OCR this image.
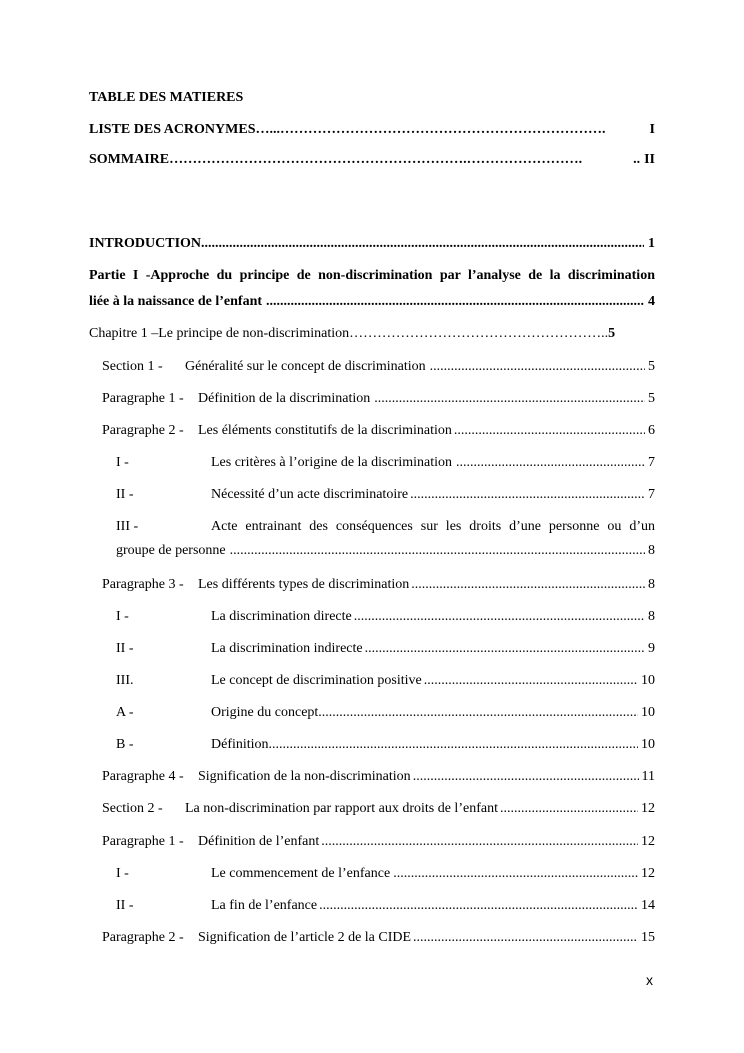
TABLE DES MATIERES
LISTE DES ACRONYMES…... …………………………………………………………….	I
SOMMAIRE……………………………………………………….…………………….	.. II
INTRODUCTION .....	1
Partie I -Approche du principe de non-discrimination par l’analyse de la discrimination
liée à la naissance de l’enfant .....	4
Chapitre 1 –Le principe de non-discrimination……………………………………………….. 5
Section 1 -	Généralité sur le concept de discrimination .....	5
Paragraphe 1 -	Définition de la discrimination .....	5
Paragraphe 2 -	Les éléments constitutifs de la discrimination .....	6
I -	Les critères à l’origine de la discrimination .....	7
II -	Nécessité d’un acte discriminatoire .....	7
III -	Acte entrainant des conséquences sur les droits d’une personne ou d’un
groupe de personne .....	8
Paragraphe 3 -	Les différents types de discrimination .....	8
I -	La discrimination directe .....	8
II -	La discrimination indirecte .....	9
III.	Le concept de discrimination positive .....	10
A -	Origine du concept. .....	10
B -	Définition .....	10
Paragraphe 4 -	Signification de la non-discrimination .....	11
Section 2 -	La non-discrimination par rapport aux droits de l’enfant .....	12
Paragraphe 1 -	Définition de l’enfant .....	12
I -	Le commencement de l’enfance .....	12
II -	La fin de l’enfance .....	14
Paragraphe 2 -	Signification de l’article 2 de la CIDE .....	15
x
